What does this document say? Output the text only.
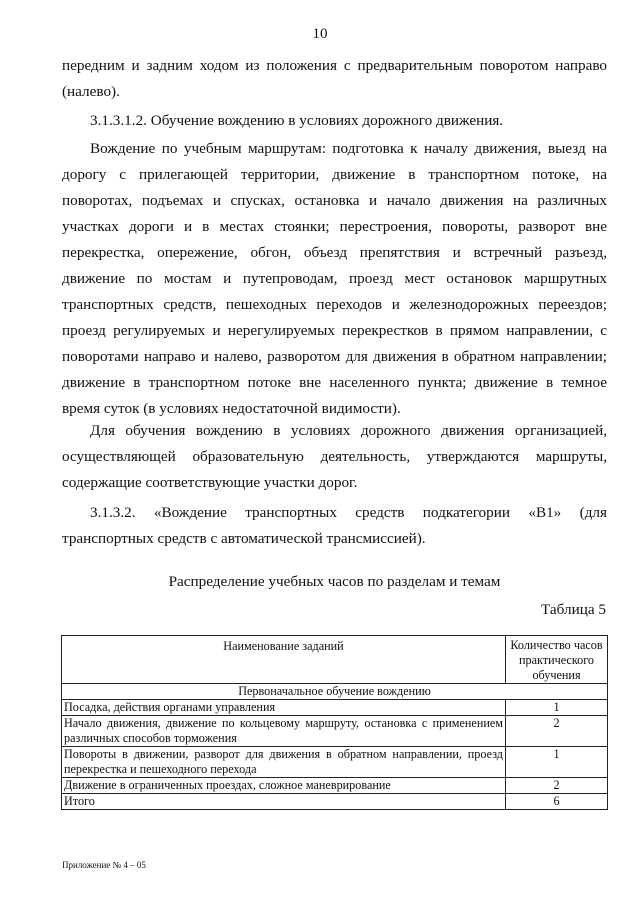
10

передним и задним ходом из положения с предварительным поворотом направо (налево).

3.1.3.1.2. Обучение вождению в условиях дорожного движения.

Вождение по учебным маршрутам: подготовка к началу движения, выезд на дорогу с прилегающей территории, движение в транспортном потоке, на поворотах, подъемах и спусках, остановка и начало движения на различных участках дороги и в местах стоянки; перестроения, повороты, разворот вне перекрестка, опережение, обгон, объезд препятствия и встречный разъезд, движение по мостам и путепроводам, проезд мест остановок маршрутных транспортных средств, пешеходных переходов и железнодорожных переездов; проезд регулируемых и нерегулируемых перекрестков в прямом направлении, с поворотами направо и налево, разворотом для движения в обратном направлении; движение в транспортном потоке вне населенного пункта; движение в темное время суток (в условиях недостаточной видимости).

Для обучения вождению в условиях дорожного движения организацией, осуществляющей образовательную деятельность, утверждаются маршруты, содержащие соответствующие участки дорог.

3.1.3.2. «Вождение транспортных средств подкатегории «B1» (для транспортных средств с автоматической трансмиссией).

Распределение учебных часов по разделам и темам
Таблица 5
Наименование заданий	Количество часов практического обучения
Первоначальное обучение вождению	
Посадка, действия органами управления	1
Начало движения, движение по кольцевому маршруту, остановка с применением различных способов торможения	2
Повороты в движении, разворот для движения в обратном направлении, проезд перекрестка и пешеходного перехода	1
Движение в ограниченных проездах, сложное маневрирование	2
Итого	6
Приложение № 4 – 05
